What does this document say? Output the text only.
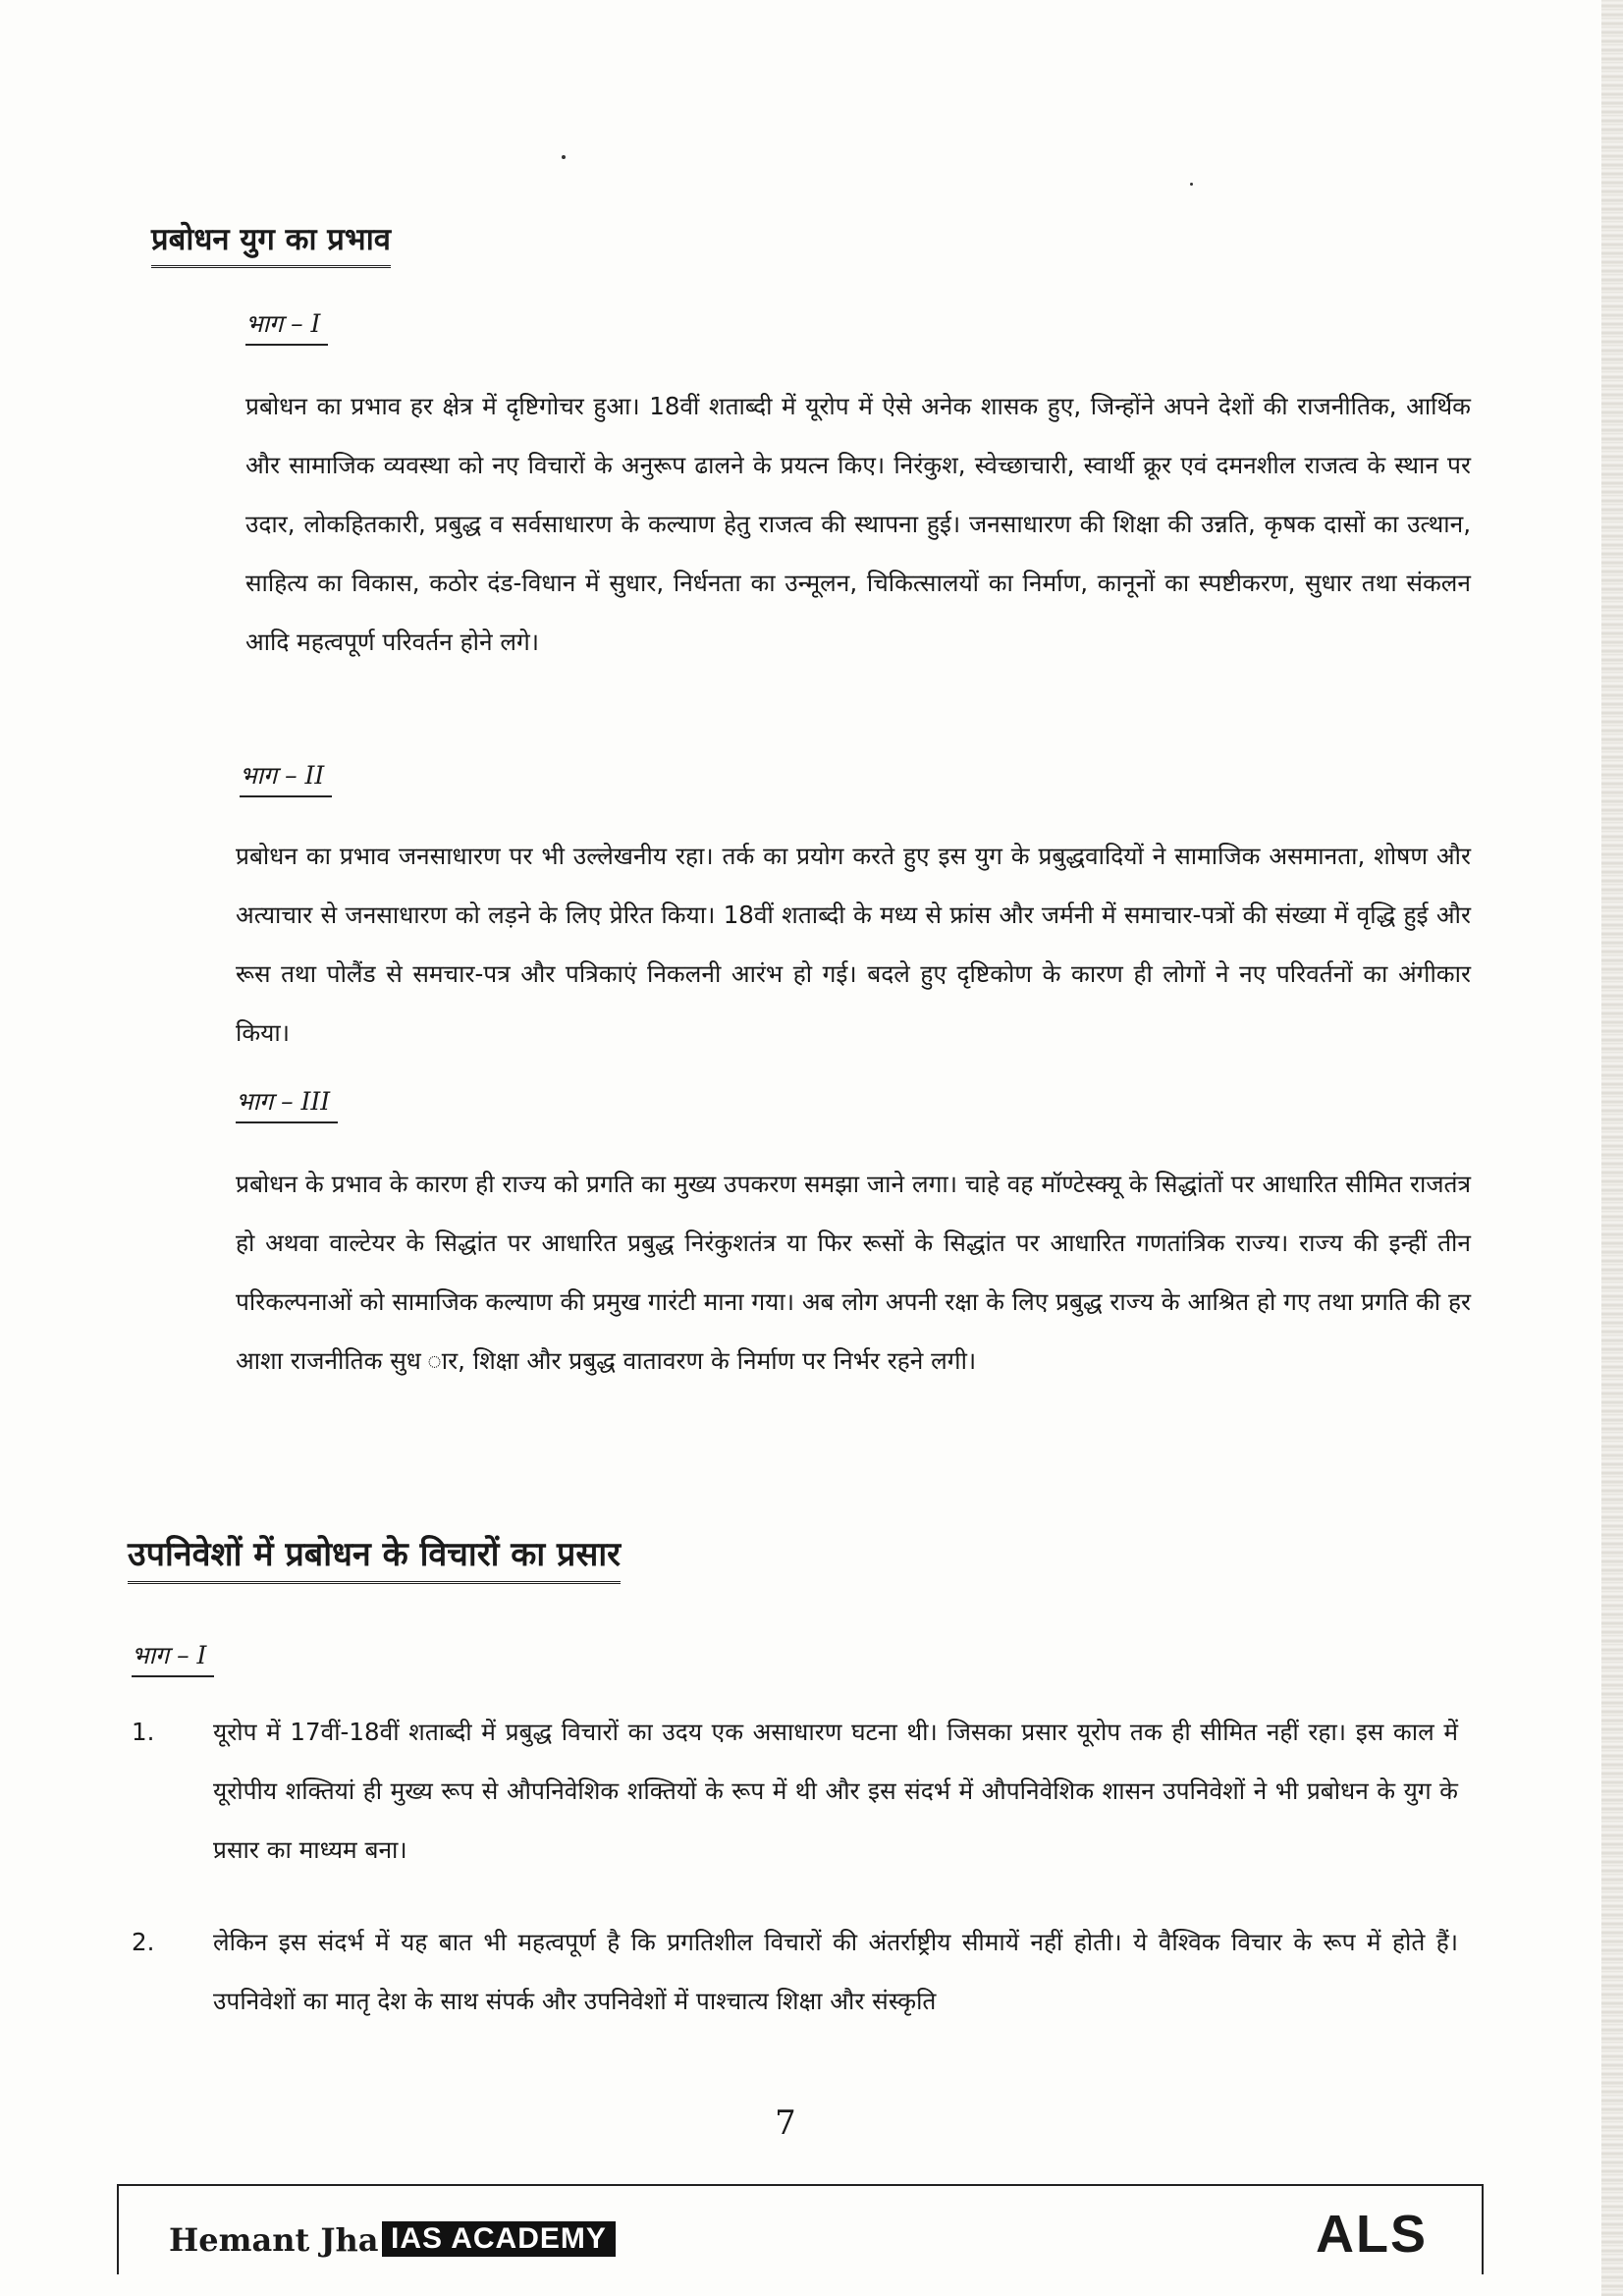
प्रबोधन युग का प्रभाव
भाग – I

प्रबोधन का प्रभाव हर क्षेत्र में दृष्टिगोचर हुआ। 18वीं शताब्दी में यूरोप में ऐसे अनेक शासक हुए, जिन्होंने अपने देशों की राजनीतिक, आर्थिक और सामाजिक व्यवस्था को नए विचारों के अनुरूप ढालने के प्रयत्न किए। निरंकुश, स्वेच्छाचारी, स्वार्थी क्रूर एवं दमनशील राजत्व के स्थान पर उदार, लोकहितकारी, प्रबुद्ध व सर्वसाधारण के कल्याण हेतु राजत्व की स्थापना हुई। जनसाधारण की शिक्षा की उन्नति, कृषक दासों का उत्थान, साहित्य का विकास, कठोर दंड-विधान में सुधार, निर्धनता का उन्मूलन, चिकित्सालयों का निर्माण, कानूनों का स्पष्टीकरण, सुधार तथा संकलन आदि महत्वपूर्ण परिवर्तन होने लगे।

भाग – II

प्रबोधन का प्रभाव जनसाधारण पर भी उल्लेखनीय रहा। तर्क का प्रयोग करते हुए इस युग के प्रबुद्धवादियों ने सामाजिक असमानता, शोषण और अत्याचार से जनसाधारण को लड़ने के लिए प्रेरित किया। 18वीं शताब्दी के मध्य से फ्रांस और जर्मनी में समाचार-पत्रों की संख्या में वृद्धि हुई और रूस तथा पोलैंड से समचार-पत्र और पत्रिकाएं निकलनी आरंभ हो गई। बदले हुए दृष्टिकोण के कारण ही लोगों ने नए परिवर्तनों का अंगीकार किया।

भाग – III

प्रबोधन के प्रभाव के कारण ही राज्य को प्रगति का मुख्य उपकरण समझा जाने लगा। चाहे वह मॉण्टेस्क्यू के सिद्धांतों पर आधारित सीमित राजतंत्र हो अथवा वाल्टेयर के सिद्धांत पर आधारित प्रबुद्ध निरंकुशतंत्र या फिर रूसों के सिद्धांत पर आधारित गणतांत्रिक राज्य। राज्य की इन्हीं तीन परिकल्पनाओं को सामाजिक कल्याण की प्रमुख गारंटी माना गया। अब लोग अपनी रक्षा के लिए प्रबुद्ध राज्य के आश्रित हो गए तथा प्रगति की हर आशा राजनीतिक सुध ार, शिक्षा और प्रबुद्ध वातावरण के निर्माण पर निर्भर रहने लगी।

उपनिवेशों में प्रबोधन के विचारों का प्रसार
भाग – I
1. यूरोप में 17वीं-18वीं शताब्दी में प्रबुद्ध विचारों का उदय एक असाधारण घटना थी। जिसका प्रसार यूरोप तक ही सीमित नहीं रहा। इस काल में यूरोपीय शक्तियां ही मुख्य रूप से औपनिवेशिक शक्तियों के रूप में थी और इस संदर्भ में औपनिवेशिक शासन उपनिवेशों ने भी प्रबोधन के युग के प्रसार का माध्यम बना।

2. लेकिन इस संदर्भ में यह बात भी महत्वपूर्ण है कि प्रगतिशील विचारों की अंतर्राष्ट्रीय सीमायें नहीं होती। ये वैश्विक विचार के रूप में होते हैं। उपनिवेशों का मातृ देश के साथ संपर्क और उपनिवेशों में पाश्चात्य शिक्षा और संस्कृति

7
Hemant Jha IAS ACADEMY	ALS
